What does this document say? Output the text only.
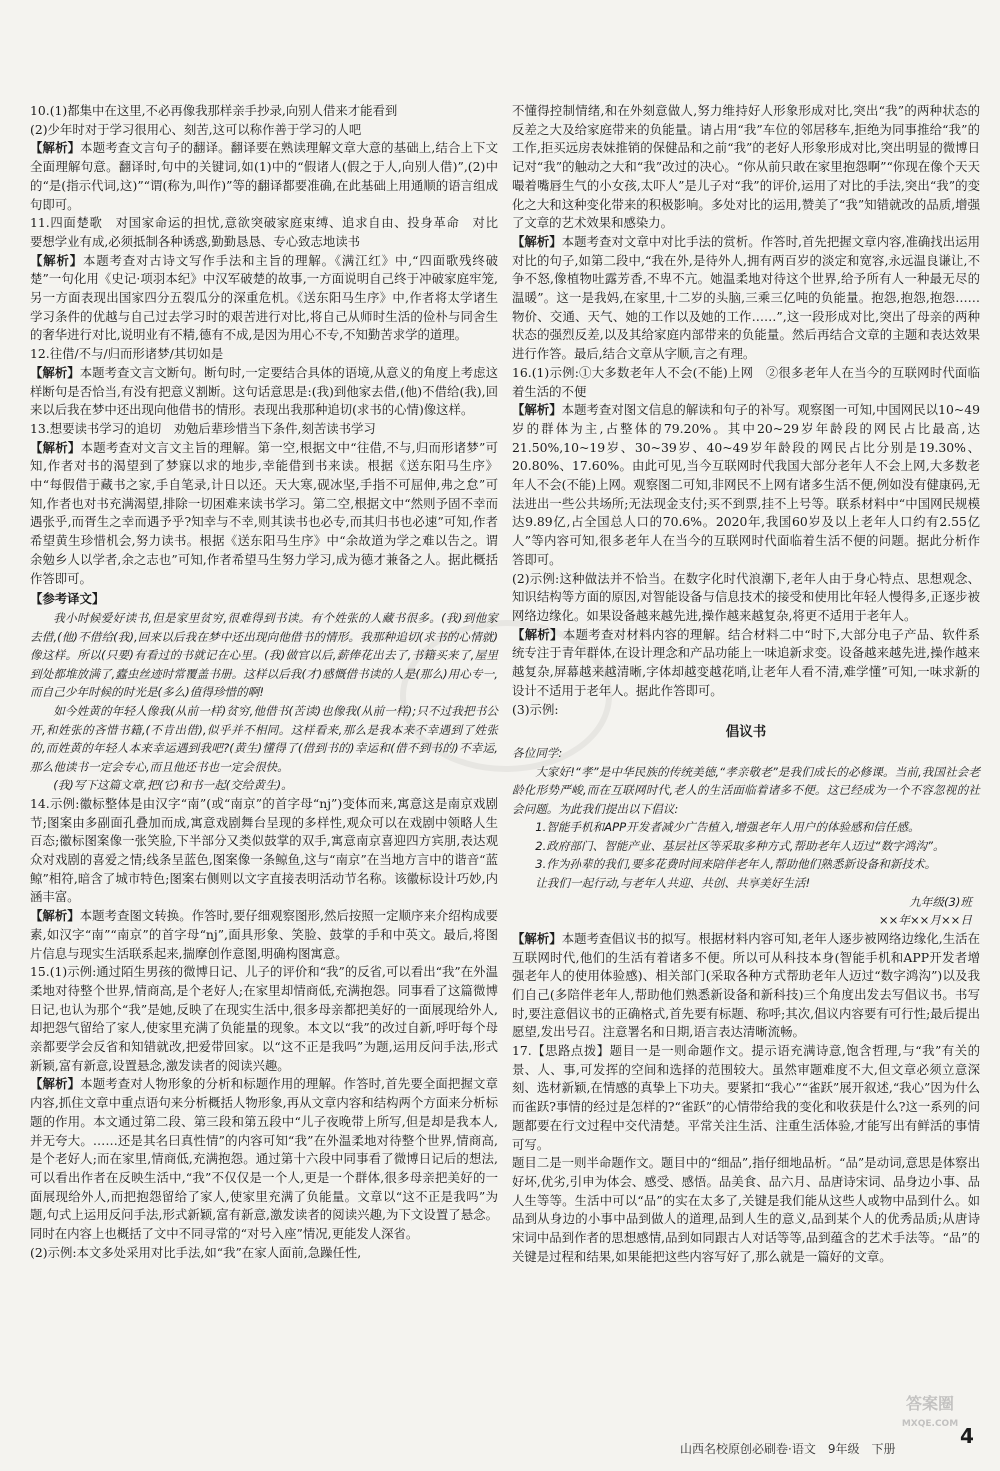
10.(1)都集中在这里,不必再像我那样亲手抄录,向别人借来才能看到
(2)少年时对于学习很用心、刻苦,这可以称作善于学习的人吧
【解析】本题考查文言句子的翻译。翻译要在熟读理解文章大意的基础上,结合上下文全面理解句意。翻译时,句中的关键词,如(1)中的“假诸人(假之于人,向别人借)”,(2)中的“是(指示代词,这)”“谓(称为,叫作)”等的翻译都要准确,在此基础上用通顺的语言组成句即可。
11.四面楚歌　对国家命运的担忧,意欲突破家庭束缚、追求自由、投身革命　对比　要想学业有成,必须抵制各种诱惑,勤勤恳恳、专心致志地读书
【解析】本题考查对古诗文写作手法和主旨的理解。《满江红》中,“四面歌残终破楚”一句化用《史记·项羽本纪》中汉军破楚的故事,一方面说明自己终于冲破家庭牢笼,另一方面表现出国家四分五裂瓜分的深重危机。《送东阳马生序》中,作者将太学诸生学习条件的优越与自己过去学习时的艰苦进行对比,将自己从师时生活的俭朴与同舍生的奢华进行对比,说明业有不精,德有不成,是因为用心不专,不知勤苦求学的道理。
12.往借/不与/归而形诸梦/其切如是
【解析】本题考查文言文断句。断句时,一定要结合具体的语境,从意义的角度上考虑这样断句是否恰当,有没有把意义割断。这句话意思是:(我)到他家去借,(他)不借给(我),回来以后我在梦中还出现向他借书的情形。表现出我那种追切(求书的心情)像这样。
13.想要读书学习的追切　劝勉后辈珍惜当下条件,刻苦读书学习
【解析】本题考查对文言文主旨的理解。第一空,根据文中“往借,不与,归而形诸梦”可知,作者对书的渴望到了梦寐以求的地步,幸能借到书来读。根据《送东阳马生序》中“每假借于藏书之家,手自笔录,计日以还。天大寒,砚冰坚,手指不可屈伸,弗之怠”可知,作者也对书充满渴望,排除一切困难来读书学习。第二空,根据文中“然则予固不幸而遇张乎,而胥生之幸而遇予乎?知幸与不幸,则其读书也必专,而其归书也必速”可知,作者希望黄生珍惜机会,努力读书。根据《送东阳马生序》中“余故道为学之难以告之。谓余勉乡人以学者,余之志也”可知,作者希望马生努力学习,成为德才兼备之人。据此概括作答即可。
【参考译文】
我小时候爱好读书,但是家里贫穷,很难得到书读。有个姓张的人藏书很多。(我)到他家去借,(他)不借给(我),回来以后我在梦中还出现向他借书的情形。我那种追切(求书的心情就)像这样。所以(只要)有看过的书就记在心里。(我)做官以后,薪俸花出去了,书籍买来了,屋里到处都堆放满了,蠹虫丝迹时常覆盖书册。这样以后我(才)感慨借书读的人是(那么)用心专一,而自己少年时候的时光是(多么)值得珍惜的啊!
如今姓黄的年轻人像我(从前一样)贫穷,他借书(苦读)也像我(从前一样);只不过我把书公开,和姓张的吝惜书籍,(不肯出借),似乎并不相同。这样看来,那么是我本来不幸遇到了姓张的,而姓黄的年轻人本来幸运遇到我吧?(黄生)懂得了(借到书的)幸运和(借不到书的)不幸运,那么他读书一定会专心,而且他还书也一定会很快。
(我)写下这篇文章,把(它)和书一起(交给黄生)。
14.示例:徽标整体是由汉字“南”(或“南京”的首字母“nj”)变体而来,寓意这是南京戏剧节;图案由多副面孔叠加而成,寓意戏剧舞台呈现的多样性,观众可以在戏剧中领略人生百态;徽标图案像一张笑脸,下半部分又类似鼓掌的双手,寓意南京喜迎四方宾朋,表达观众对戏剧的喜爱之情;线条呈蓝色,图案像一条鲸鱼,这与“南京”在当地方言中的谐音“蓝鲸”相符,暗含了城市特色;图案右侧则以文字直接表明活动节名称。该徽标设计巧妙,内涵丰富。
【解析】本题考查图文转换。作答时,要仔细观察图形,然后按照一定顺序来介绍构成要素,如汉字“南”“南京”的首字母“nj”,面具形象、笑脸、鼓掌的手和中英文。最后,将图片信息与现实生活联系起来,揣摩创作意图,明确构图寓意。
15.(1)示例:通过陌生男孩的微博日记、儿子的评价和“我”的反省,可以看出“我”在外温柔地对待整个世界,情商高,是个老好人;在家里却情商低,充满抱怨。同事看了这篇微博日记,也认为那个“我”是她,反映了在现实生活中,很多母亲都把美好的一面展现给外人,却把怨气留给了家人,使家里充满了负能量的现象。本文以“我”的改过自新,呼吁每个母亲都要学会反省和知错就改,把爱带回家。以“这不正是我吗”为题,运用反问手法,形式新颖,富有新意,设置悬念,激发读者的阅读兴趣。
【解析】本题考查对人物形象的分析和标题作用的理解。作答时,首先要全面把握文章内容,抓住文章中重点语句来分析概括人物形象,再从文章内容和结构两个方面来分析标题的作用。本文通过第二段、第三段和第五段中“儿子夜晚带上所写,但是却是我本人,并无夸大。……还是其名曰真性情”的内容可知“我”在外温柔地对待整个世界,情商高,是个老好人;而在家里,情商低,充满抱怨。通过第十六段中同事看了微博日记后的想法,可以看出作者在反映生活中,“我”不仅仅是一个人,更是一个群体,很多母亲把美好的一面展现给外人,而把抱怨留给了家人,使家里充满了负能量。文章以“这不正是我吗”为题,句式上运用反问手法,形式新颖,富有新意,激发读者的阅读兴趣,为下文设置了悬念。同时在内容上也概括了文中不同寻常的“对号入座”情况,更能发人深省。
(2)示例:本文多处采用对比手法,如“我”在家人面前,急躁任性,
不懂得控制情绪,和在外刻意做人,努力维持好人形象形成对比,突出“我”的两种状态的反差之大及给家庭带来的负能量。请占用“我”车位的邻居移车,拒绝为同事推给“我”的工作,拒买远房表妹推销的保健品和之前“我”的老好人形象形成对比,突出明显的微博日记对“我”的触动之大和“我”改过的决心。“你从前只敢在家里抱怨啊”“你现在像个天天嘬着嘴唇生气的小女孩,太吓人”是儿子对“我”的评价,运用了对比的手法,突出“我”的变化之大和这种变化带来的积极影响。多处对比的运用,赞美了“我”知错就改的品质,增强了文章的艺术效果和感染力。
【解析】本题考查对文章中对比手法的赏析。作答时,首先把握文章内容,准确找出运用对比的句子,如第二段中,“我在外,是待外人,拥有两百岁的淡定和宽容,永远温良谦让,不争不怒,像植物吐露芳香,不卑不亢。她温柔地对待这个世界,给予所有人一种最无尽的温暖”。这一是我妈,在家里,十二岁的头脑,三乘三亿吨的负能量。抱怨,抱怨,抱怨……物价、交通、天气、她的工作以及她的工作……”,这一段形成对比,突出了母亲的两种状态的强烈反差,以及其给家庭内部带来的负能量。然后再结合文章的主题和表达效果进行作答。最后,结合文章从字顺,言之有理。
16.(1)示例:①大多数老年人不会(不能)上网　②很多老年人在当今的互联网时代面临着生活的不便
【解析】本题考查对图文信息的解读和句子的补写。观察图一可知,中国网民以10~49岁的群体为主,占整体的79.20%。其中20~29岁年龄段的网民占比最高,达21.50%,10~19岁、30~39岁、40~49岁年龄段的网民占比分别是19.30%、20.80%、17.60%。由此可见,当今互联网时代我国大部分老年人不会上网,大多数老年人不会(不能)上网。观察图二可知,非网民不上网有诸多生活不便,例如没有健康码,无法进出一些公共场所;无法现金支付;买不到票,挂不上号等。联系材料中“中国网民规模达9.89亿,占全国总人口的70.6%。2020年,我国60岁及以上老年人口约有2.55亿人”等内容可知,很多老年人在当今的互联网时代面临着生活不便的问题。据此分析作答即可。
(2)示例:这种做法并不恰当。在数字化时代浪潮下,老年人由于身心特点、思想观念、知识结构等方面的原因,对智能设备与信息技术的接受和使用比年轻人慢得多,正逐步被网络边缘化。如果设备越来越先进,操作越来越复杂,将更不适用于老年人。
【解析】本题考查对材料内容的理解。结合材料二中“时下,大部分电子产品、软件系统专注于青年群体,在设计理念和产品功能上一味追新求变。设备越来越先进,操作越来越复杂,屏幕越来越清晰,字体却越变越花哨,让老年人看不清,难学懂”可知,一味求新的设计不适用于老年人。据此作答即可。
(3)示例:
倡议书
各位同学:
大家好!“孝”是中华民族的传统美德,“孝亲敬老”是我们成长的必修课。当前,我国社会老龄化形势严峻,而在互联网时代,老人的生活面临着诸多不便。这已经成为一个不容忽视的社会问题。为此我们提出以下倡议:
1.智能手机和APP开发者减少广告植入,增强老年人用户的体验感和信任感。
2.政府部门、智能产业、基层社区等采取多种方式,帮助老年人迈过“数字鸿沟”。
3.作为孙辈的我们,要多花费时间来陪伴老年人,帮助他们熟悉新设备和新技术。
让我们一起行动,与老年人共迎、共创、共享美好生活!
九年级(3)班
××年××月××日
【解析】本题考查倡议书的拟写。根据材料内容可知,老年人逐步被网络边缘化,生活在互联网时代,他们的生活有着诸多不便。所以可从科技本身(智能手机和APP开发者增强老年人的使用体验感)、相关部门(采取各种方式帮助老年人迈过“数字鸿沟”)以及我们自己(多陪伴老年人,帮助他们熟悉新设备和新科技)三个角度出发去写倡议书。书写时,要注意倡议书的正确格式,首先要有标题、称呼;其次,倡议内容要有可行性;最后提出愿望,发出号召。注意署名和日期,语言表达清晰流畅。
17.【思路点拨】题目一是一则命题作文。提示语充满诗意,饱含哲理,与“我”有关的景、人、事,可发挥的空间和选择的范围较大。虽然审题难度不大,但文章必须立意深刻、选材新颖,在情感的真挚上下功夫。要紧扣“我心”“雀跃”展开叙述,“我心”因为什么而雀跃?事情的经过是怎样的?“雀跃”的心情带给我的变化和收获是什么?这一系列的问题都要在行文过程中交代清楚。平常关注生活、注重生活体验,才能写出有鲜活的事情可写。
题目二是一则半命题作文。题目中的“细品”,指仔细地品析。“品”是动词,意思是体察出好坏,优劣,引申为体会、感受、感悟。品美食、品六月、品唐诗宋词、品身边小事、品人生等等。生活中可以“品”的实在太多了,关键是我们能从这些人或物中品到什么。如品到从身边的小事中品到做人的道理,品到人生的意义,品到某个人的优秀品质;从唐诗宋词中品到作者的思想感情,品到如同跟古人对话等等,品到蕴含的艺术手法等。“品”的关键是过程和结果,如果能把这些内容写好了,那么就是一篇好的文章。
山西名校原创必刷卷·语文　9年级　下册
4
答案圈
MXQE.COM
